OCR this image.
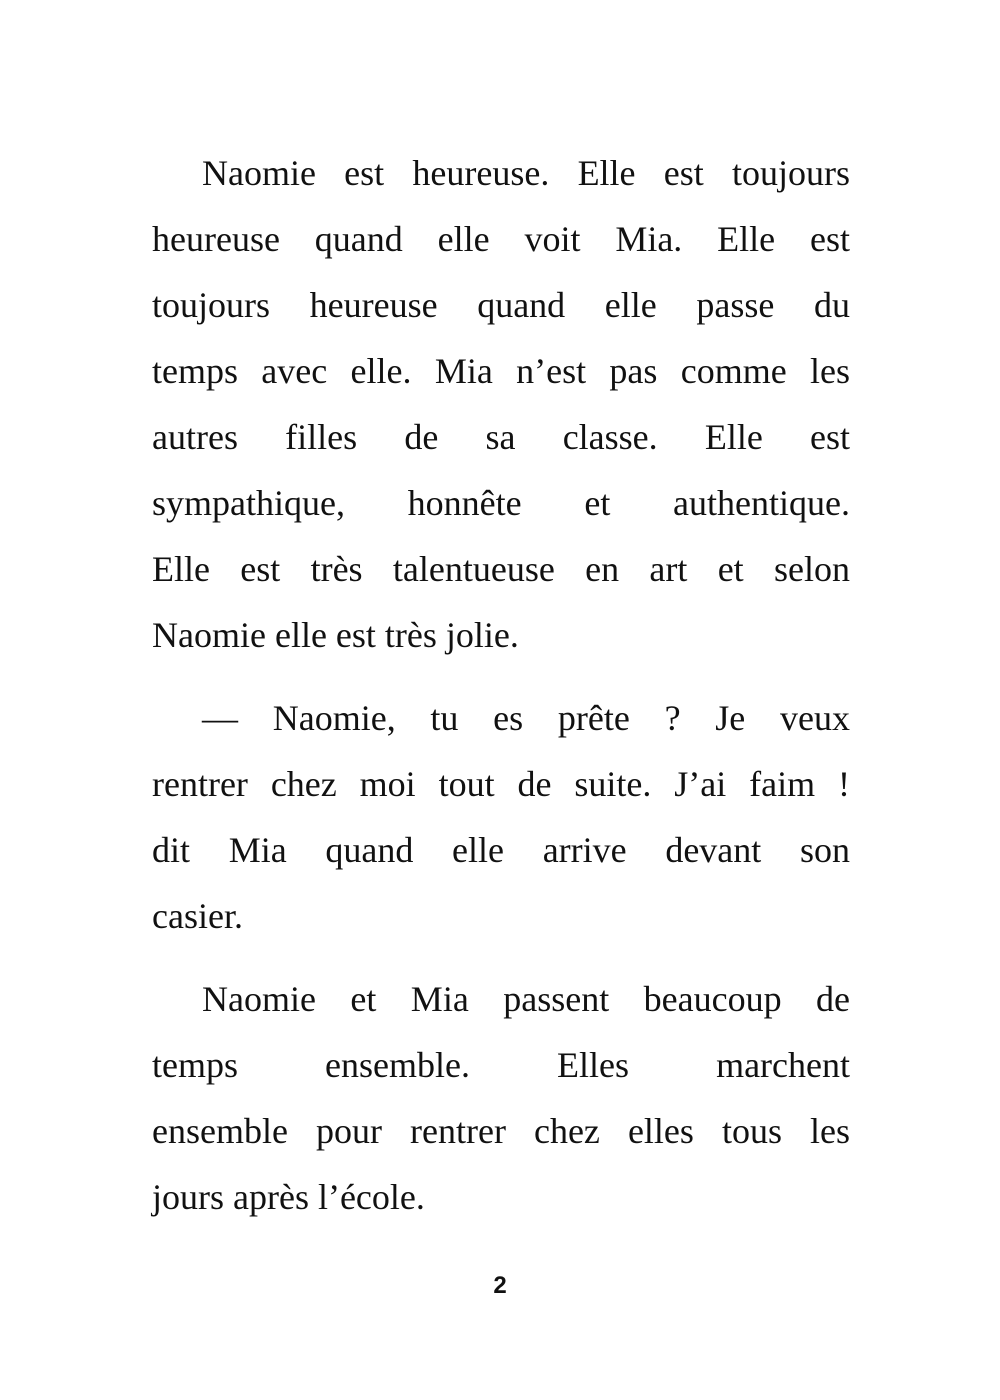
Naomie est heureuse. Elle est toujours
heureuse quand elle voit Mia. Elle est
toujours heureuse quand elle passe du
temps avec elle. Mia n’est pas comme les
autres filles de sa classe. Elle est
sympathique, honnête et authentique.
Elle est très talentueuse en art et selon
Naomie elle est très jolie.
— Naomie, tu es prête ? Je veux
rentrer chez moi tout de suite. J’ai faim !
dit Mia quand elle arrive devant son
casier.
Naomie et Mia passent beaucoup de
temps ensemble. Elles marchent
ensemble pour rentrer chez elles tous les
jours après l’école.
2
